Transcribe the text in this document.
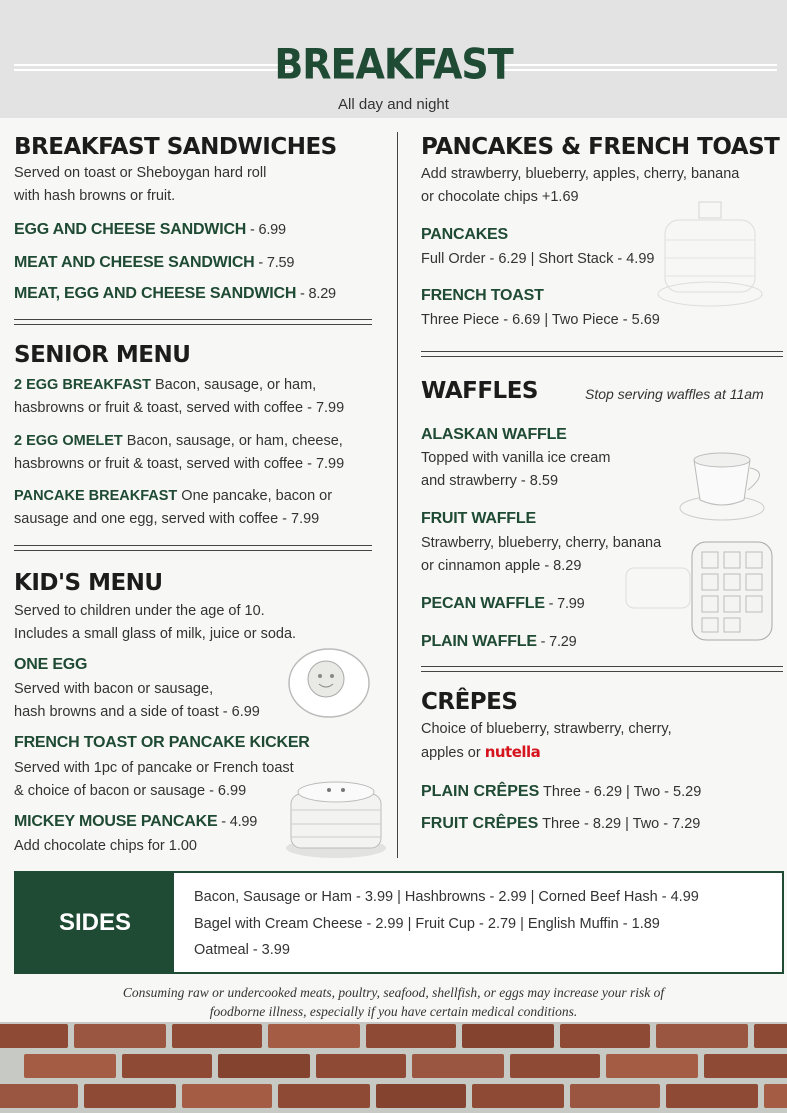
BREAKFAST
All day and night
BREAKFAST SANDWICHES
Served on toast or Sheboygan hard roll
with hash browns or fruit.
EGG AND CHEESE SANDWICH - 6.99
MEAT AND CHEESE SANDWICH - 7.59
MEAT, EGG AND CHEESE SANDWICH - 8.29
SENIOR MENU
2 EGG BREAKFAST Bacon, sausage, or ham,
hasbrowns or fruit & toast, served with coffee - 7.99
2 EGG OMELET Bacon, sausage, or ham, cheese,
hasbrowns or fruit & toast, served with coffee - 7.99
PANCAKE BREAKFAST One pancake, bacon or
sausage and one egg, served with coffee - 7.99
KID'S MENU
Served to children under the age of 10.
Includes a small glass of milk, juice or soda.
ONE EGG
Served with bacon or sausage,
hash browns and a side of toast - 6.99
FRENCH TOAST OR PANCAKE KICKER
Served with 1pc of pancake or French toast
& choice of bacon or sausage - 6.99
MICKEY MOUSE PANCAKE - 4.99
Add chocolate chips for 1.00
PANCAKES & FRENCH TOAST
Add strawberry, blueberry, apples, cherry, banana
or chocolate chips +1.69
PANCAKES
Full Order - 6.29 | Short Stack - 4.99
FRENCH TOAST
Three Piece - 6.69 | Two Piece - 5.69
WAFFLES	Stop serving waffles at 11am
ALASKAN WAFFLE
Topped with vanilla ice cream
and strawberry - 8.59
FRUIT WAFFLE
Strawberry, blueberry, cherry, banana
or cinnamon apple - 8.29
PECAN WAFFLE - 7.99
PLAIN WAFFLE - 7.29
CRÊPES
Choice of blueberry, strawberry, cherry,
apples or nutella
PLAIN CRÊPES Three - 6.29 | Two - 5.29
FRUIT CRÊPES Three - 8.29 | Two - 7.29
SIDES
Bacon, Sausage or Ham - 3.99 | Hashbrowns - 2.99 | Corned Beef Hash - 4.99
Bagel with Cream Cheese - 2.99 | Fruit Cup - 2.79 | English Muffin - 1.89
Oatmeal - 3.99
Consuming raw or undercooked meats, poultry, seafood, shellfish, or eggs may increase your risk of
foodborne illness, especially if you have certain medical conditions.
